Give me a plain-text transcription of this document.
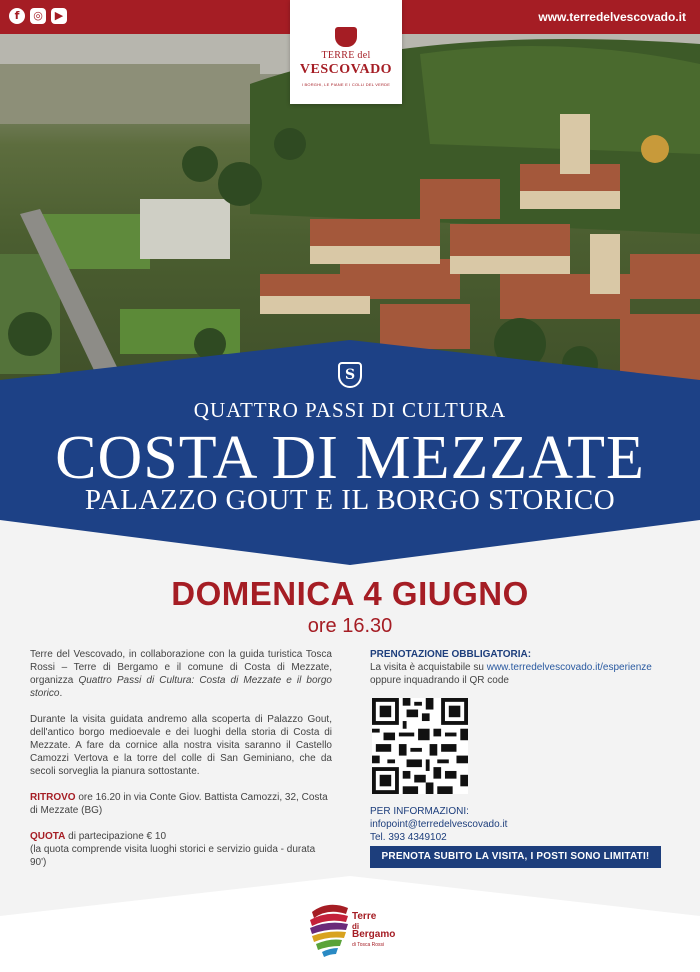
f	◎	▶	www.terredelvescovado.it
TERRE del
VESCOVADO
I BORGHI, LE PIANE E I COLLI DEL VERDE
S
QUATTRO PASSI DI CULTURA
COSTA DI MEZZATE
PALAZZO GOUT E IL BORGO STORICO
DOMENICA 4 GIUGNO
ore 16.30

Terre del Vescovado, in collaborazione con la guida turistica Tosca Rossi – Terre di Bergamo e il comune di Costa di Mezzate, organizza Quattro Passi di Cultura: Costa di Mezzate e il borgo storico.

Durante la visita guidata andremo alla scoperta di Palazzo Gout, dell'antico borgo medioevale e dei luoghi della storia di Costa di Mezzate. A fare da cornice alla nostra visita saranno il Castello Camozzi Vertova e la torre del colle di San Geminiano, che da secoli sorveglia la pianura sottostante.

RITROVO ore 16.20 in via Conte Giov. Battista Camozzi, 32, Costa di Mezzate (BG)
QUOTA di partecipazione € 10
(la quota comprende visita luoghi storici e servizio guida - durata 90')
PRENOTAZIONE OBBLIGATORIA:
La visita è acquistabile su www.terredelvescovado.it/esperienze
oppure inquadrando il QR code
PER INFORMAZIONI:
infopoint@terredelvescovado.it
Tel. 393 4349102
PRENOTA SUBITO LA VISITA, I POSTI SONO LIMITATI!
Terre
di
Bergamo
di Tosca Rossi
